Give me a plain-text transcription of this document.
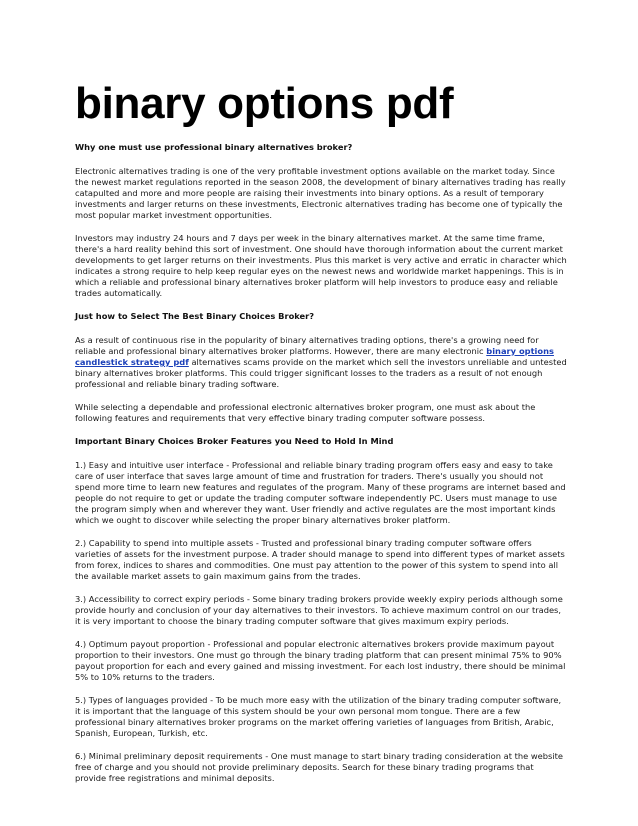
binary options pdf
Why one must use professional binary alternatives broker?

Electronic alternatives trading is one of the very profitable investment options available on the market today. Since the newest market regulations reported in the season 2008, the development of binary alternatives trading has really catapulted and more and more people are raising their investments into binary options. As a result of temporary investments and larger returns on these investments, Electronic alternatives trading has become one of typically the most popular market investment opportunities.

Investors may industry 24 hours and 7 days per week in the binary alternatives market. At the same time frame, there's a hard reality behind this sort of investment. One should have thorough information about the current market developments to get larger returns on their investments. Plus this market is very active and erratic in character which indicates a strong require to help keep regular eyes on the newest news and worldwide market happenings. This is in which a reliable and professional binary alternatives broker platform will help investors to produce easy and reliable trades automatically.

Just how to Select The Best Binary Choices Broker?

As a result of continuous rise in the popularity of binary alternatives trading options, there's a growing need for reliable and professional binary alternatives broker platforms. However, there are many electronic binary options candlestick strategy pdf alternatives scams provide on the market which sell the investors unreliable and untested binary alternatives broker platforms. This could trigger significant losses to the traders as a result of not enough professional and reliable binary trading software.

While selecting a dependable and professional electronic alternatives broker program, one must ask about the following features and requirements that very effective binary trading computer software possess.

Important Binary Choices Broker Features you Need to Hold In Mind

1.) Easy and intuitive user interface - Professional and reliable binary trading program offers easy and easy to take care of user interface that saves large amount of time and frustration for traders. There's usually you should not spend more time to learn new features and regulates of the program. Many of these programs are internet based and people do not require to get or update the trading computer software independently PC. Users must manage to use the program simply when and wherever they want. User friendly and active regulates are the most important kinds which we ought to discover while selecting the proper binary alternatives broker platform.

2.) Capability to spend into multiple assets - Trusted and professional binary trading computer software offers varieties of assets for the investment purpose. A trader should manage to spend into different types of market assets from forex, indices to shares and commodities. One must pay attention to the power of this system to spend into all the available market assets to gain maximum gains from the trades.

3.) Accessibility to correct expiry periods - Some binary trading brokers provide weekly expiry periods although some provide hourly and conclusion of your day alternatives to their investors. To achieve maximum control on our trades, it is very important to choose the binary trading computer software that gives maximum expiry periods.

4.) Optimum payout proportion - Professional and popular electronic alternatives brokers provide maximum payout proportion to their investors. One must go through the binary trading platform that can present minimal 75% to 90% payout proportion for each and every gained and missing investment. For each lost industry, there should be minimal 5% to 10% returns to the traders.

5.) Types of languages provided - To be much more easy with the utilization of the binary trading computer software, it is important that the language of this system should be your own personal mom tongue. There are a few professional binary alternatives broker programs on the market offering varieties of languages from British, Arabic, Spanish, European, Turkish, etc.

6.) Minimal preliminary deposit requirements - One must manage to start binary trading consideration at the website free of charge and you should not provide preliminary deposits. Search for these binary trading programs that provide free registrations and minimal deposits.
